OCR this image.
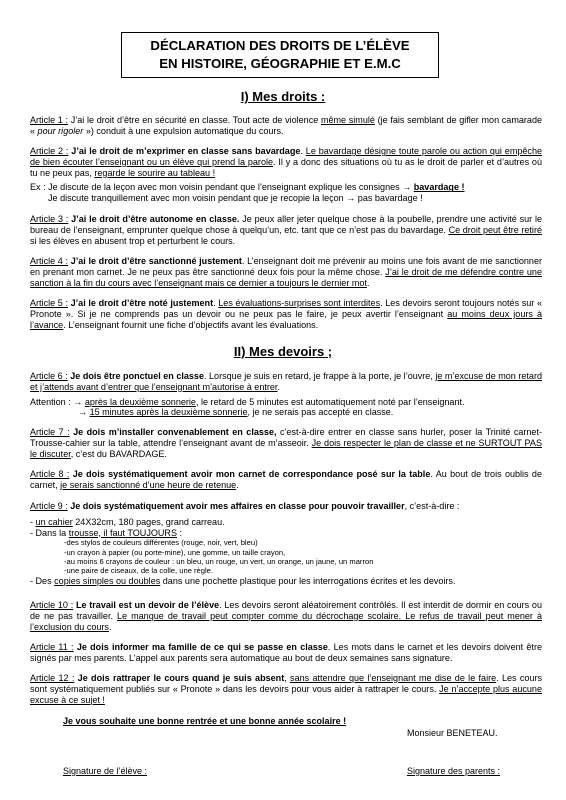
DÉCLARATION DES DROITS DE L’ÉLÈVE
EN HISTOIRE, GÉOGRAPHIE ET E.M.C
I) Mes droits :

Article 1 : J’ai le droit d’être en sécurité en classe. Tout acte de violence même simulé (je fais semblant de gifler mon camarade « pour rigoler ») conduit à une expulsion automatique du cours.

Article 2 : J’ai le droit de m’exprimer en classe sans bavardage. Le bavardage désigne toute parole ou action qui empêche de bien écouter l’enseignant ou un élève qui prend la parole. Il y a donc des situations où tu as le droit de parler et d’autres où tu ne peux pas, regarde le sourire au tableau !

Ex : Je discute de la leçon avec mon voisin pendant que l’enseignant explique les consignes → bavardage !

Je discute tranquillement avec mon voisin pendant que je recopie la leçon → pas bavardage !

Article 3 : J’ai le droit d’être autonome en classe. Je peux aller jeter quelque chose à la poubelle, prendre une activité sur le bureau de l’enseignant, emprunter quelque chose à quelqu’un, etc. tant que ce n’est pas du bavardage. Ce droit peut être retiré si les élèves en abusent trop et perturbent le cours.

Article 4 : J’ai le droit d’être sanctionné justement. L’enseignant doit me prévenir au moins une fois avant de me sanctionner en prenant mon carnet. Je ne peux pas être sanctionné deux fois pour la même chose. J’ai le droit de me défendre contre une sanction à la fin du cours avec l’enseignant mais ce dernier a toujours le dernier mot.

Article 5 : J’ai le droit d’être noté justement. Les évaluations-surprises sont interdites. Les devoirs seront toujours notés sur « Pronote ». Si je ne comprends pas un devoir ou ne peux pas le faire, je peux avertir l’enseignant au moins deux jours à l’avance. L’enseignant fournit une fiche d’objectifs avant les évaluations.

II) Mes devoirs ;

Article 6 : Je dois être ponctuel en classe. Lorsque je suis en retard, je frappe à la porte, je l’ouvre, je m’excuse de mon retard et j’attends avant d’entrer que l’enseignant m’autorise à entrer.

Attention : → après la deuxième sonnerie, le retard de 5 minutes est automatiquement noté par l’enseignant.

→ 15 minutes après la deuxième sonnerie, je ne serais pas accepté en classe.

Article 7 : Je dois m’installer convenablement en classe, c’est-à-dire entrer en classe sans hurler, poser la Trinité carnet-Trousse-cahier sur la table, attendre l’enseignant avant de m’asseoir. Je dois respecter le plan de classe et ne SURTOUT PAS le discuter, c’est du BAVARDAGE.

Article 8 : Je dois systématiquement avoir mon carnet de correspondance posé sur la table. Au bout de trois oublis de carnet, je serais sanctionné d’une heure de retenue.

Article 9 : Je dois systématiquement avoir mes affaires en classe pour pouvoir travailler, c’est-à-dire :

- un cahier 24X32cm, 180 pages, grand carreau.

- Dans la trousse, il faut TOUJOURS :

-des stylos de couleurs différentes (rouge, noir, vert, bleu)

-un crayon à papier (ou porte-mine), une gomme, un taille crayon,

-au moins 6 crayons de couleur : un bleu, un rouge, un vert, un orange, un jaune, un marron

-une paire de ciseaux, de la colle, une règle.

- Des copies simples ou doubles dans une pochette plastique pour les interrogations écrites et les devoirs.

Article 10 : Le travail est un devoir de l’élève. Les devoirs seront aléatoirement contrôlés. Il est interdit de dormir en cours ou de ne pas travailler. Le manque de travail peut compter comme du décrochage scolaire. Le refus de travail peut mener à l’exclusion du cours.

Article 11 : Je dois informer ma famille de ce qui se passe en classe. Les mots dans le carnet et les devoirs doivent être signés par mes parents. L’appel aux parents sera automatique au bout de deux semaines sans signature.

Article 12 : Je dois rattraper le cours quand je suis absent, sans attendre que l’enseignant me dise de le faire. Les cours sont systématiquement publiés sur « Pronote » dans les devoirs pour vous aider à rattraper le cours. Je n’accepte plus aucune excuse à ce sujet !

Je vous souhaite une bonne rentrée et une bonne année scolaire !
Monsieur BENETEAU.
Signature de l’élève :	Signature des parents :
